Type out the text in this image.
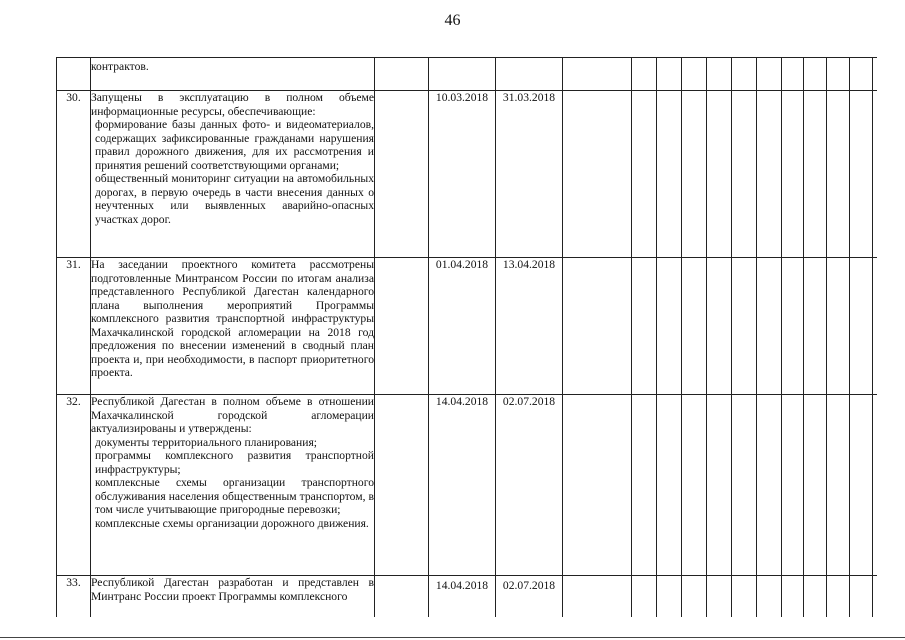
46

	контрактов.																	

30.	Запущены в эксплуатацию в полном объеме информационные ресурсы, обеспечивающие:
формирование базы данных фото- и видеоматериалов, содержащих зафиксированные гражданами нарушения правил дорожного движения, для их рассмотрения и принятия решений соответствующими органами;
общественный мониторинг ситуации на автомобильных дорогах, в первую очередь в части внесения данных о неучтенных или выявленных аварийно-опасных участках дорог.		10.03.2018	31.03.2018														
31.	На заседании проектного комитета рассмотрены подготовленные Минтрансом России по итогам анализа представленного Республикой Дагестан календарного плана выполнения мероприятий Программы комплексного развития транспортной инфраструктуры Махачкалинской городской агломерации на 2018 год предложения по внесении изменений в сводный план проекта и, при необходимости, в паспорт приоритетного проекта.		01.04.2018	13.04.2018							

32.	Республикой Дагестан в полном объеме в отношении Махачкалинской городской агломерации актуализированы и утверждены:
документы территориального планирования;
программы комплексного развития транспортной инфраструктуры;
комплексные схемы организации транспортного обслуживания населения общественным транспортом, в том числе учитывающие пригородные перевозки;
комплексные схемы организации дорожного движения.		14.04.2018	02.07.2018							

33.	Республикой Дагестан разработан и представлен в Минтранс России проект Программы комплексного		14.04.2018	02.07.2018							
